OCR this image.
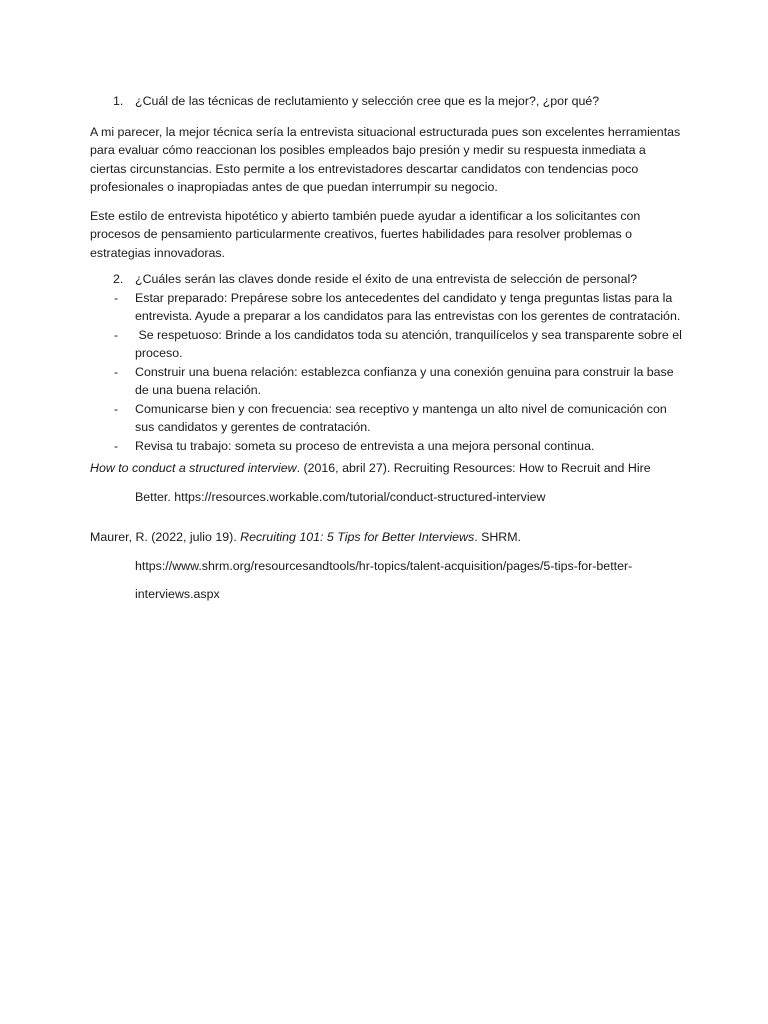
1. ¿Cuál de las técnicas de reclutamiento y selección cree que es la mejor?, ¿por qué?

A mi parecer, la mejor técnica sería la entrevista situacional estructurada pues son excelentes herramientas para evaluar cómo reaccionan los posibles empleados bajo presión y medir su respuesta inmediata a ciertas circunstancias. Esto permite a los entrevistadores descartar candidatos con tendencias poco profesionales o inapropiadas antes de que puedan interrumpir su negocio.

Este estilo de entrevista hipotético y abierto también puede ayudar a identificar a los solicitantes con procesos de pensamiento particularmente creativos, fuertes habilidades para resolver problemas o estrategias innovadoras.

2. ¿Cuáles serán las claves donde reside el éxito de una entrevista de selección de personal?

- Estar preparado: Prepárese sobre los antecedentes del candidato y tenga preguntas listas para la entrevista. Ayude a preparar a los candidatos para las entrevistas con los gerentes de contratación.
- Se respetuoso: Brinde a los candidatos toda su atención, tranquilícelos y sea transparente sobre el proceso.
- Construir una buena relación: establezca confianza y una conexión genuina para construir la base de una buena relación.
- Comunicarse bien y con frecuencia: sea receptivo y mantenga un alto nivel de comunicación con sus candidatos y gerentes de contratación.
- Revisa tu trabajo: someta su proceso de entrevista a una mejora personal continua.

How to conduct a structured interview. (2016, abril 27). Recruiting Resources: How to Recruit and Hire

Better. https://resources.workable.com/tutorial/conduct-structured-interview

Maurer, R. (2022, julio 19). Recruiting 101: 5 Tips for Better Interviews. SHRM.

https://www.shrm.org/resourcesandtools/hr-topics/talent-acquisition/pages/5-tips-for-better-

interviews.aspx
